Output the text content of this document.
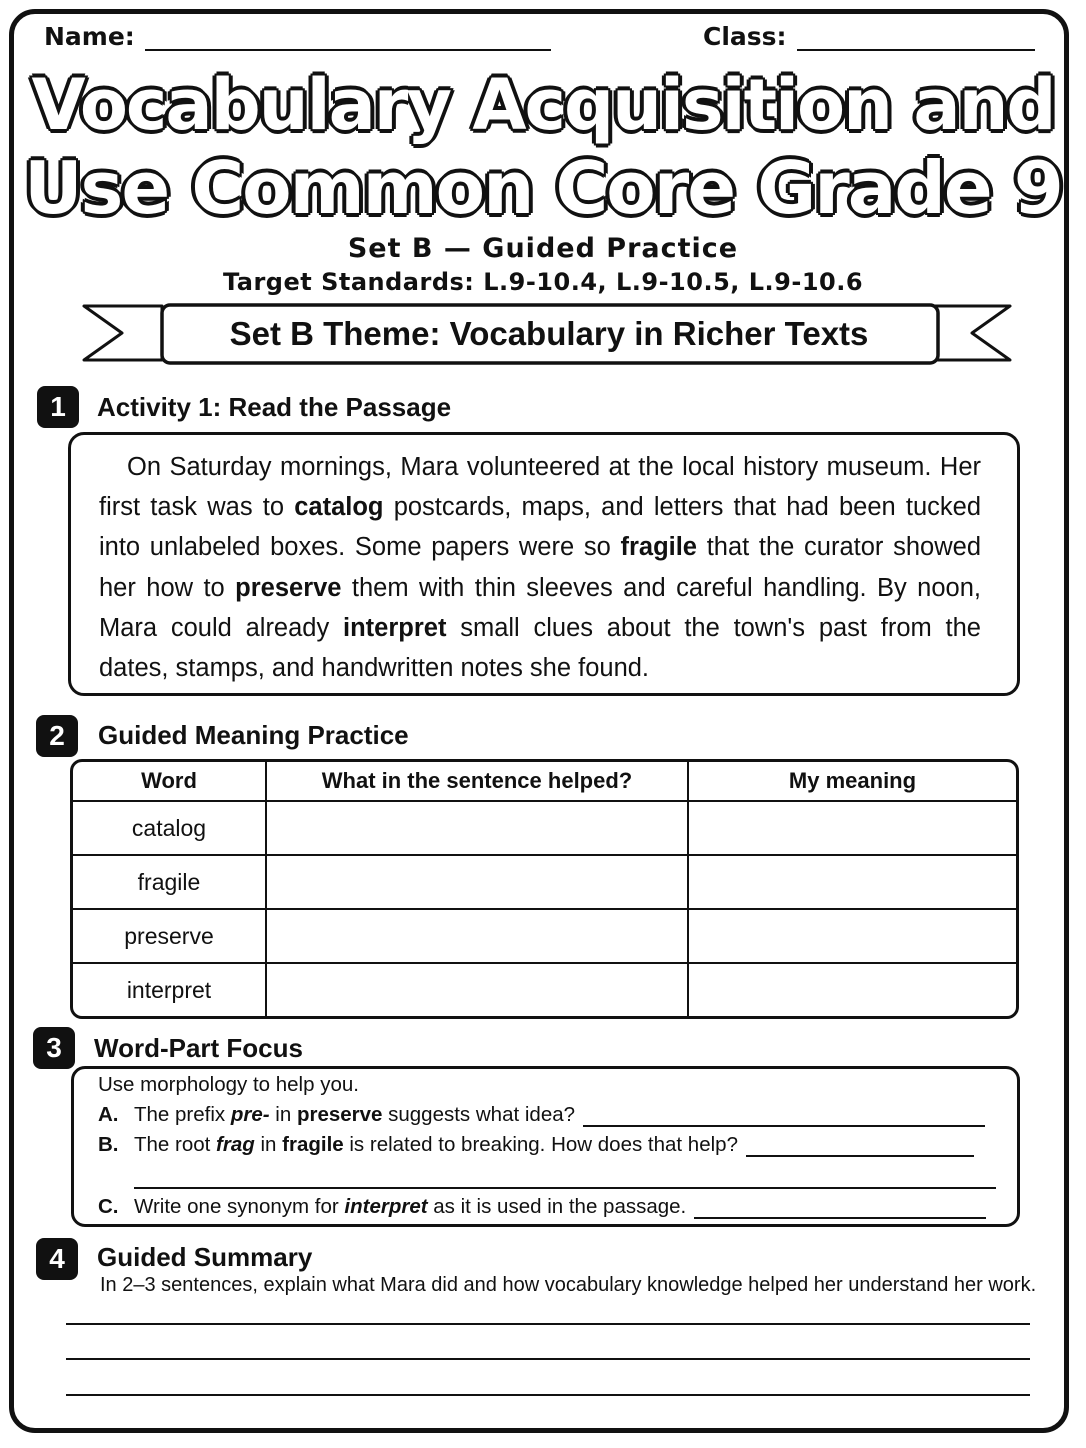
Name:	Class:
Vocabulary Acquisition and
Use Common Core Grade 9
Set B — Guided Practice
Target Standards: L.9-10.4, L.9-10.5, L.9-10.6
Set B Theme: Vocabulary in Richer Texts
1	Activity 1: Read the Passage
On Saturday mornings, Mara volunteered at the local history museum. Her first task was to catalog postcards, maps, and letters that had been tucked into unlabeled boxes. Some papers were so fragile that the curator showed her how to preserve them with thin sleeves and careful handling. By noon, Mara could already interpret small clues about the town's past from the dates, stamps, and handwritten notes she found.
2	Guided Meaning Practice
Word	What in the sentence helped?	My meaning
catalog		
fragile		
preserve		
interpret		
3	Word-Part Focus
Use morphology to help you.
A. The prefix pre- in preserve suggests what idea?
B. The root frag in fragile is related to breaking. How does that help?
C. Write one synonym for interpret as it is used in the passage.
4	Guided Summary
In 2–3 sentences, explain what Mara did and how vocabulary knowledge helped her understand her work.
